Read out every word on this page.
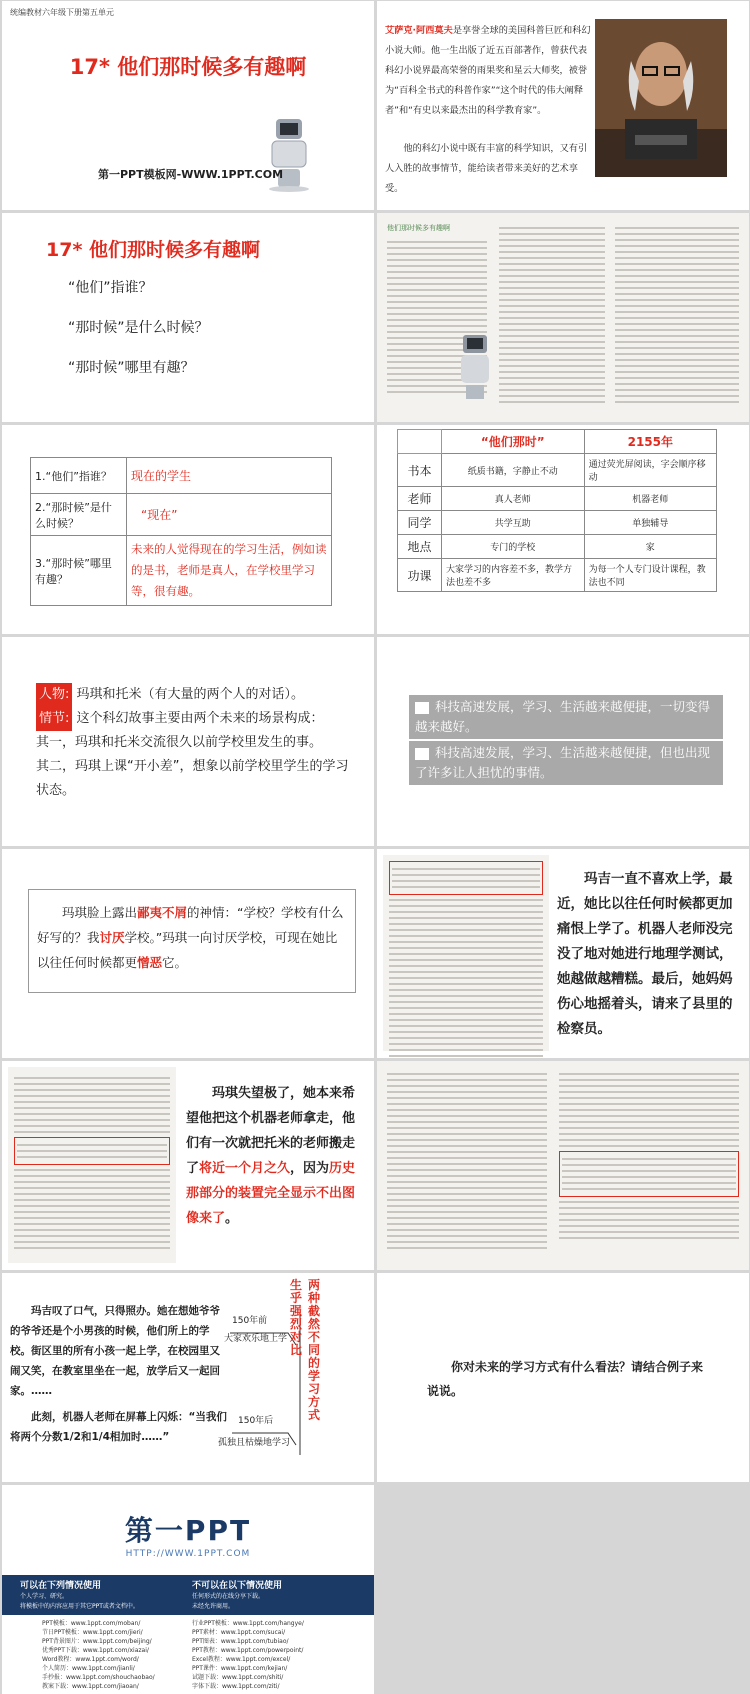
统编教材六年级下册第五单元
17* 他们那时候多有趣啊
第一PPT模板网-WWW.1PPT.COM
艾萨克·阿西莫夫是享誉全球的美国科普巨匠和科幻小说大师。他一生出版了近五百部著作，曾获代表科幻小说界最高荣誉的雨果奖和星云大师奖，被誉为“百科全书式的科普作家”“这个时代的伟大阐释者”和“有史以来最杰出的科学教育家”。
他的科幻小说中既有丰富的科学知识，又有引人入胜的故事情节，能给读者带来美好的艺术享受。
17* 他们那时候多有趣啊
“他们”指谁？
“那时候”是什么时候？
“那时候”哪里有趣？
他们那时候多有趣啊
1.“他们”指谁？	现在的学生
2.“那时候”是什么时候？	“现在”
3.“那时候”哪里有趣？	未来的人觉得现在的学习生活，例如读的是书，老师是真人，在学校里学习等，很有趣。
	“他们那时”	2155年
书本	纸质书籍，字静止不动	通过荧光屏阅读，字会顺序移动
老师	真人老师	机器老师
同学	共学互助	单独辅导
地点	专门的学校	家
功课	大家学习的内容差不多，教学方法也差不多	为每一个人专门设计课程，教法也不同
人物: 玛琪和托米（有大量的两个人的对话）。
情节: 这个科幻故事主要由两个未来的场景构成：
其一，玛琪和托米交流很久以前学校里发生的事。
其二，玛琪上课“开小差”，想象以前学校里学生的学习状态。
科技高速发展，学习、生活越来越便捷，一切变得越来越好。
科技高速发展，学习、生活越来越便捷，但也出现了许多让人担忧的事情。
玛琪脸上露出鄙夷不屑的神情：“学校？学校有什么好写的？我讨厌学校。”玛琪一向讨厌学校，可现在她比以往任何时候都更憎恶它。
玛吉一直不喜欢上学，最近，她比以往任何时候都更加痛恨上学了。机器人老师没完没了地对她进行地理学测试，她越做越糟糕。最后，她妈妈伤心地摇着头，请来了县里的检察员。
玛琪失望极了，她本来希望他把这个机器老师拿走，他们有一次就把托米的老师搬走了将近一个月之久，因为历史那部分的装置完全显示不出图像来了。
玛吉叹了口气，只得照办。她在想她爷爷的爷爷还是个小男孩的时候，他们所上的学校。街区里的所有小孩一起上学，在校园里又闹又笑，在教室里坐在一起，放学后又一起回家。……
此刻，机器人老师在屏幕上闪烁：“当我们将两个分数1/2和1/4相加时……”
150年前
大家欢乐地上学
150年后
孤独且枯燥地学习
两种截然不同的学习方式
生乎强烈对比
你对未来的学习方式有什么看法？请结合例子来说说。
第一PPT
HTTP://WWW.1PPT.COM
可以在下列情况使用
个人学习、研究。
将模板中的内容应用于其它PPT或者文档中。
不可以在以下情况使用
任何形式的在线分享下载。
未经允许商用。
PPT模板：www.1ppt.com/moban/
节日PPT模板：www.1ppt.com/jieri/
PPT背景图片：www.1ppt.com/beijing/
优秀PPT下载：www.1ppt.com/xiazai/
Word教程：www.1ppt.com/word/
个人简历：www.1ppt.com/jianli/
手抄报：www.1ppt.com/shouchaobao/
教案下载：www.1ppt.com/jiaoan/
行业PPT模板：www.1ppt.com/hangye/
PPT素材：www.1ppt.com/sucai/
PPT图表：www.1ppt.com/tubiao/
PPT教程：www.1ppt.com/powerpoint/
Excel教程：www.1ppt.com/excel/
PPT课件：www.1ppt.com/kejian/
试题下载：www.1ppt.com/shiti/
字体下载：www.1ppt.com/ziti/
